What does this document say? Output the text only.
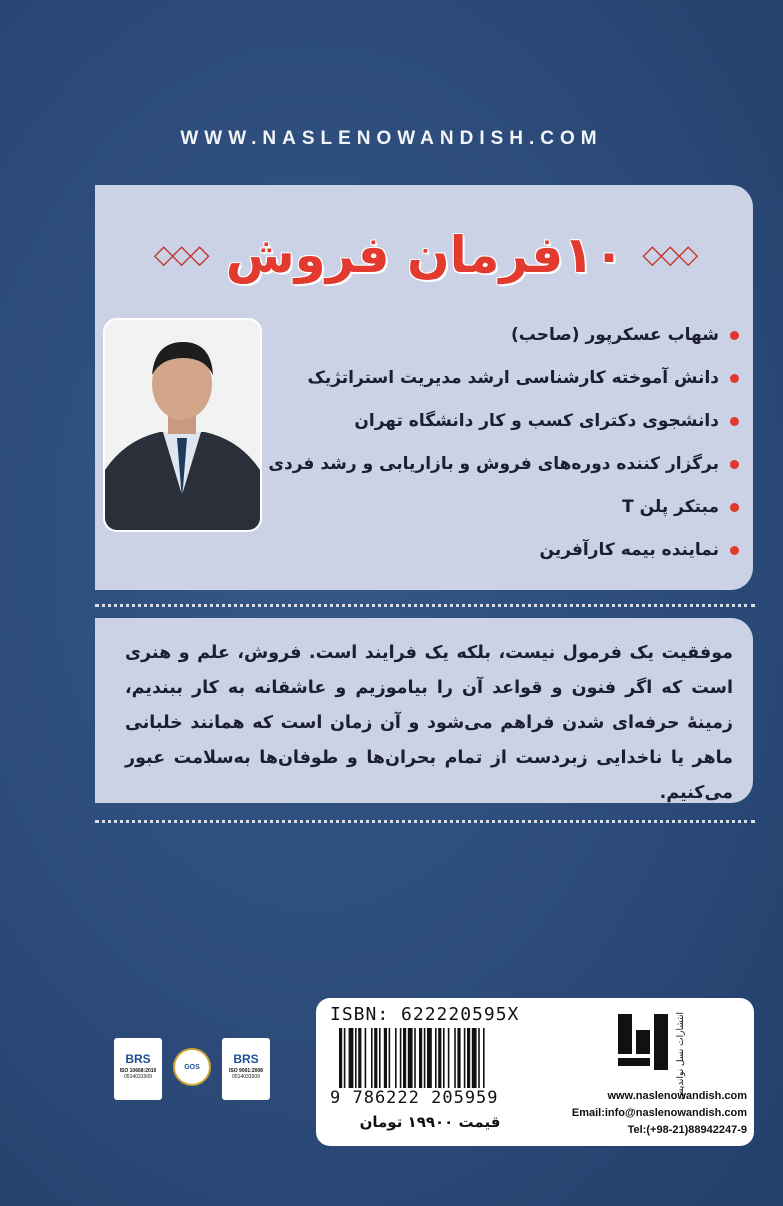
WWW.NASLENOWANDISH.COM
◇◇◇	۱۰فرمان فروش	◇◇◇
شهاب عسکرپور (صاحب)
دانش آموخته کارشناسی ارشد مدیریت استراتژیک
دانشجوی دکترای کسب و کار دانشگاه تهران
برگزار کننده دوره‌های فروش و بازاریابی و رشد فردی
مبتکر پلن T
نماینده بیمه کارآفرین

موفقیت یک فرمول نیست، بلکه یک فرایند است. فروش، علم و هنری است که اگر فنون و قواعد آن را بیاموزیم و عاشقانه به کار ببندیم، زمینهٔ حرفه‌ای شدن فراهم می‌شود و آن زمان است که همانند خلبانی ماهر یا ناخدایی زبردست از تمام بحران‌ها و طوفان‌ها به‌سلامت عبور می‌کنیم.

BRS
ISO 10668:2010
0514031509
GOS
BRS
ISO 9001:2008
0514031509
ISBN: 622220595X
9 786222 205959
قیمت ۱۹۹۰۰ تومان
انتشارات نسل نواندیش
www.naslenowandish.com
Email:info@naslenowandish.com
Tel:(+98-21)88942247-9
